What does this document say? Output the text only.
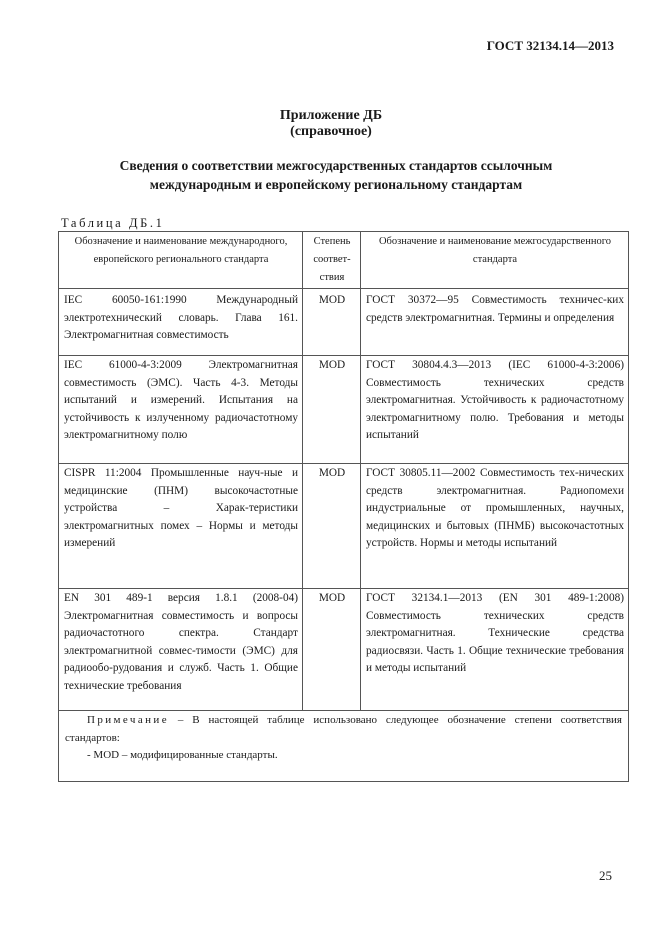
ГОСТ 32134.14—2013
Приложение ДБ
(справочное)
Сведения о соответствии межгосударственных стандартов ссылочным
международным и европейскому региональному стандартам
Таблица ДБ.1
Обозначение и наименование международного, европейского регионального стандарта	Степень соответ-ствия	Обозначение и наименование межгосударственного стандарта
IEC 60050-161:1990 Международный электротехнический словарь. Глава 161. Электромагнитная совместимость	MOD	ГОСТ 30372—95 Совместимость техничес-ких средств электромагнитная. Термины и определения
IEC 61000-4-3:2009 Электромагнитная совместимость (ЭМС). Часть 4-3. Методы испытаний и измерений. Испытания на устойчивость к излученному радиочастотному электромагнитному полю	MOD	ГОСТ 30804.4.3—2013 (IEC 61000-4-3:2006) Совместимость технических средств электромагнитная. Устойчивость к радиочастотному электромагнитному полю. Требования и методы испытаний
CISPR 11:2004 Промышленные науч-ные и медицинские (ПНМ) высокочастотные устройства – Харак-теристики электромагнитных помех – Нормы и методы измерений	MOD	ГОСТ 30805.11—2002 Совместимость тех-нических средств электромагнитная. Радиопомехи индустриальные от промышленных, научных, медицинских и бытовых (ПНМБ) высокочастотных устройств. Нормы и методы испытаний
EN 301 489-1 версия 1.8.1 (2008-04) Электромагнитная совместимость и вопросы радиочастотного спектра. Стандарт электромагнитной совмес-тимости (ЭМС) для радиообо-рудования и служб. Часть 1. Общие технические требования	MOD	ГОСТ 32134.1—2013 (EN 301 489-1:2008) Совместимость технических средств электромагнитная. Технические средства радиосвязи. Часть 1. Общие технические требования и методы испытаний
Примечание – В настоящей таблице использовано следующее обозначение степени соответствия стандартов:
- MOD – модифицированные стандарты.		
25
